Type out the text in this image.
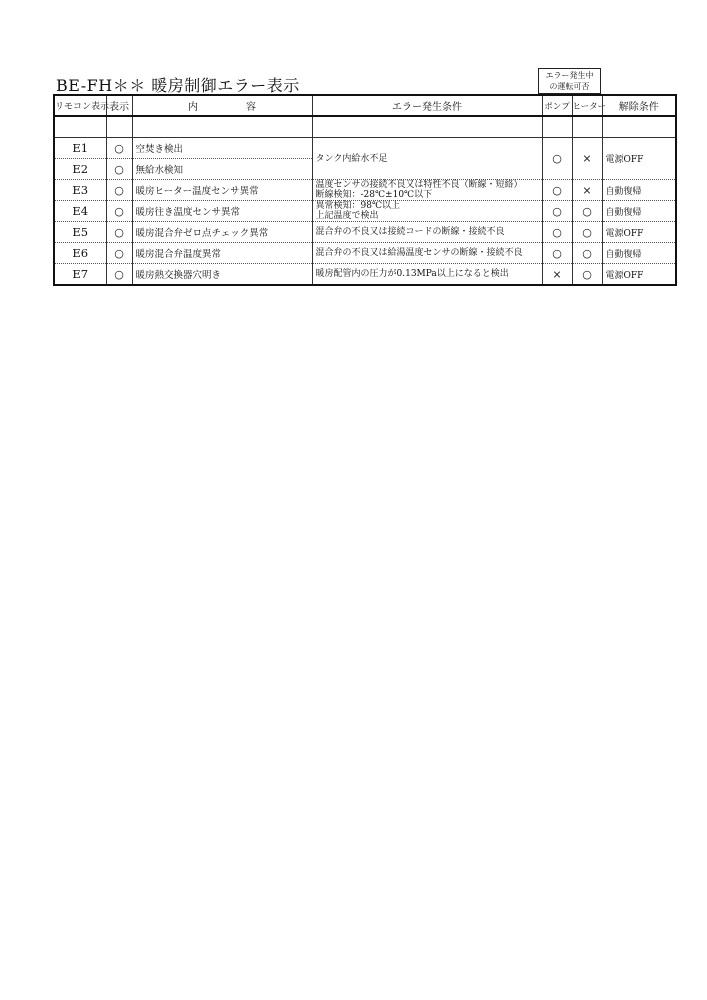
BE-FH＊＊ 暖房制御エラー表示
エラー発生中
の運転可否
リモコン表示	表示	内容	エラー発生条件	ポンプ	ヒーター	解除条件

E1	○	空焚き検出	タンク内給水不足	○	×	電源OFF
E2	○	無給水検知				
E3	○	暖房ヒーター温度センサ異常	温度センサの接続不良又は特性不良（断線・短絡）
断線検知：-28℃±10℃以下	○	×	自動復帰
E4	○	暖房往き温度センサ異常	異常検知：98℃以上
上記温度で検出	○	○	自動復帰
E5	○	暖房混合弁ゼロ点チェック異常	混合弁の不良又は接続コードの断線・接続不良	○	○	電源OFF
E6	○	暖房混合弁温度異常	混合弁の不良又は給湯温度センサの断線・接続不良	○	○	自動復帰
E7	○	暖房熱交換器穴明き	暖房配管内の圧力が0.13MPa以上になると検出	×	○	電源OFF
